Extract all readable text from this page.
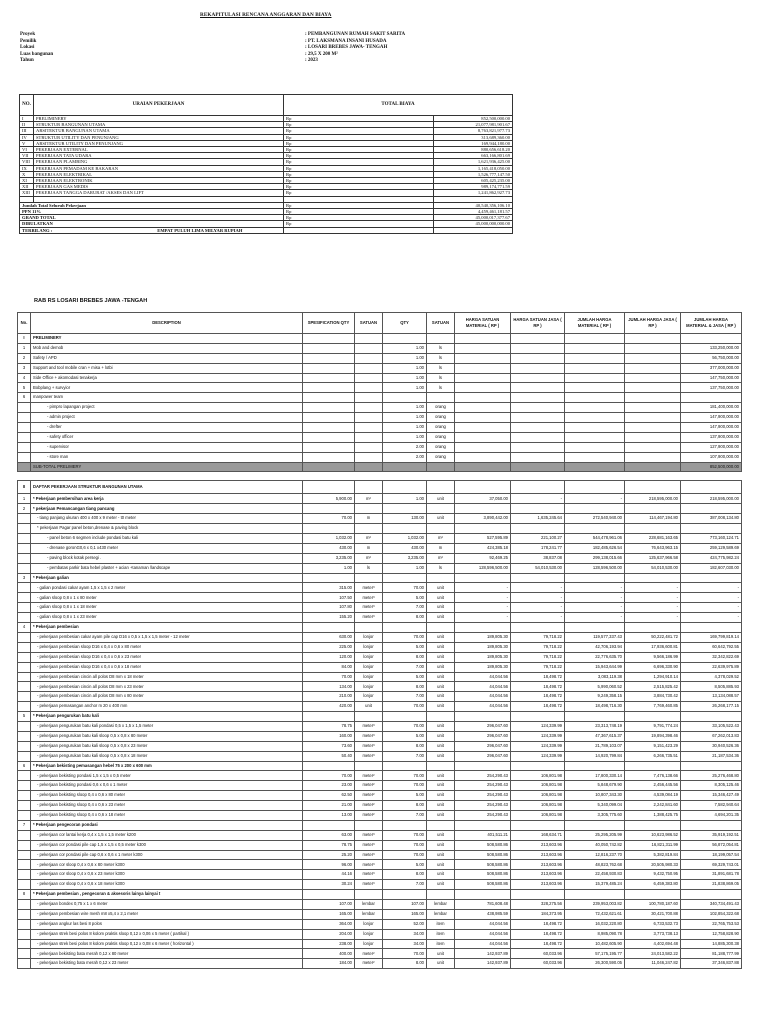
REKAPITULASI RENCANA ANGGARAN DAN BIAYA
Proyek	: PEMBANGUNAN RUMAH SAKIT SARITA
Pemilik	: PT. LAKSMANA INSANI HUSADA
Lokasi	: LOSARI BREBES JAWA- TENGAH
Luas bangunan	: 29,5 X 200 M²
Tahun	: 2023
NO.	URAIAN PEKERJAAN	TOTAL BIAYA	
I	PRELIMINERY	Rp	852,500,000.00
II	STRUKTUR BANGUNAN UTAMA	Rp	21,077,981,901.67
III	ARSITEKTUR BANGUNAN UTAMA	Rp	8,763,821,977.73
IV	STRUKTUR UTILITY DAN PENUNJANG	Rp	313,689,360.00
V	ARSITEKTUR UTILITY DAN PENUNJANG	Rp	169,944,180.00
VI	PEKERJAAN EXTERNAL	Rp	880,656,618.20
VII	PEKERJAAN TATA UDARA	Rp	663,166,801.69
VIII	PEKERJAAN PLAMBING	Rp	1,621,936,425.00
IX	PEKERJAAN PEMADAM KE BAKARAN	Rp	1,165,418,050.00
X	PEKERJAAN ELEKTRIKAL	Rp	1,526,777,147.50
XI	PEKERJAAN ELEKTRONIK	Rp	605,425,235.00
XII	PEKERJAAN GAS MEDIS	Rp	989,174,771.59
XIII	PEKERJAAN TANGGA DARURAT /AKSES DAN LIFT	Rp	1,241,862,927.73

Jumlah Total Seluruh Pekerjaan		Rp	40,540,356,106.10
PPN 11%		Rp	4,459,461,181.57
GRAND TOTAL		Rp	45,000,017,377.67
DIBULATKAN		Rp	45,000,000,000.00
TERBILANG : EMPAT PULUH LIMA MILYAR RUPIAH			
RAB RS LOSARI BREBES JAWA -TENGAH
No.	DESCRIPTION	SPESIFICATION QTY	SATUAN	QTY	SATUAN	HARGA SATUAN MATERIAL ( RP )	HARGA SATUAN JASA ( RP )	JUMLAH HARGA MATERIAL ( RP )	JUMLAH HARGA JASA ( RP )	JUMLAH HARGA MATERIAL & JASA ( RP )
I	PRELIMINERY									
1	Mob and demob			1.00	ls					133,250,000.00
2	Safety / APD			1.00	ls					56,750,000.00
3	Support and tool mobile cran + misa + lotbi			1.00	ls					377,000,000.00
4	Side Office + akomodasi tenakerja			1.00	ls					147,750,000.00
5	Bobplang + survyior			1.00	ls					137,750,000.00
6	manpower team									
	- pimpro lapangan project			1.00	orang					181,400,000.00
	- admin project			1.00	orang					147,900,000.00
	- drefter			1.00	orang					147,900,000.00
	- safety officer			1.00	orang					137,900,000.00
	- supervisor			2.00	orang					127,900,000.00
	- store man			2.00	orang					107,900,000.00
	SUB-TOTAL PRELIMERY									852,500,000.00

II	DAFTAR PEKERJAAN STRUKTUR BANGUNAN UTAMA									
1	* Pekerjaan pembersihan area kerja	5,900.00	m²	1.00	unit	37,050.00	-	-	218,595,000.00	218,595,000.00
2	* pekerjaan Pemancangan tiang pancang									
	- tiang panjang ukuran 400 x 400 x 9 meter - t0 meter	70.00	m	130.00	unit	3,890,442.00	1,635,245.64	272,540,940.00	114,467,194.80	387,008,134.80
	* pekerjaan Pagar panel beton,drenase & paving block									
	- panel beton 6 segmen include pondasi batu kali	1,032.00	m²	1,032.00	m²	527,595.89	221,100.27	544,478,961.06	228,681,163.65	773,160,124.71
	- drenase goronG0,6 x 0,1 x430 meter	430.00	m	430.00	m	424,385.18	178,241.77	182,485,626.54	76,643,963.15	259,129,589.69
	- paving block kotak persegi .	3,235.00	m²	3,235.00	m²	92,469.25	38,837.08	299,138,015.66	125,637,966.58	424,775,982.24
	- pembatas parkir bata hebel plaster + acian +tanaman /landscape	1.00	ls	1.00	ls	128,596,500.00	54,010,530.00	128,596,500.00	54,010,530.00	182,607,030.00
3	* Pekerjaan galian									
	- galian pondasi cakar ayam 1,5 x 1,5 x 2 meter	315.00	meter³	70.00	unit	-	-	-	-	-
	- galian sloop 0,8 x 1 x 80 meter	107.50	meter³	5.00	unit	-	-	-	-	-
	- galian sloop 0,8 x 1 x 18 meter	107.80	meter³	7.00	unit	-	-	-	-	-
	- galian sloop 0,8 x 1 x 23 meter	155.20	meter³	8.00	unit	-	-	-	-	-
4	* Pekerjaan pembesian									
	- pekerjaan pembesian cakar ayam pile cap D16 x 0,5 x 1,5 x 1,5 meter - 12 meter	630.00	lonjor	70.00	unit	189,805.30	79,718.22	119,577,337.43	50,222,481.72	169,799,819.14
	- pekerjaan pembesian sloop D16 x 0,4 x 0,6 x 80 meter	225.00	lonjor	5.00	unit	189,805.30	79,718.22	42,706,193.94	17,936,600.81	60,642,792.55
	- pekerjaan pembesian sloop D16 x 0,4 x 0,6 x 23 meter	120.00	lonjor	8.00	unit	189,805.30	79,718.22	22,776,635.70	9,566,186.99	32,342,822.69
	- pekerjaan pembesian sloop D16 x 0,4 x 0,6 x 18 meter	84.00	lonjor	7.00	unit	189,805.30	79,718.22	15,943,644.99	6,696,330.90	22,639,975.89
	- pekerjaan pembesian cincin all polos D8 mm x 18 meter	70.00	lonjor	5.00	unit	44,044.56	18,498.72	3,083,119.38	1,294,910.14	4,378,029.52
	- pekerjaan pembesian cincin all polos D8 mm x 23 meter	134.00	lonjor	8.00	unit	44,044.56	18,498.72	5,990,060.52	2,515,825.42	8,505,885.93
	- pekerjaan pembesian cincin all polos D8 mm x 80 meter	210.00	lonjor	7.00	unit	44,044.56	18,498.72	9,249,358.15	3,884,730.42	13,134,088.57
	- pekerjaan pemasangan anchor m 20 x 400 mm	420.00	unit	70.00	unit	44,044.56	18,498.72	18,498,716.30	7,769,460.85	26,268,177.15
5	* Pekerjaan pengurukan batu kali									
	- pekerjaan pengurukan batu kali pondasi 0,5 x 1,5 x 1,5 meter	78.75	meter³	70.00	unit	296,047.60	124,339.99	23,313,748.19	9,791,774.24	33,105,522.43
	- pekerjaan pengurukan batu kali sloop 0,5 x 0,8 x 80 meter	160.00	meter³	5.00	unit	296,047.60	124,339.99	47,367,615.37	19,894,398.46	67,262,013.83
	- pekerjaan pengurukan batu kali sloop 0,5 x 0,8 x 23 meter	73.60	meter³	8.00	unit	296,047.60	124,339.99	21,789,103.07	9,151,423.29	30,940,526.36
	- pekerjaan pengurukan batu kali sloop 0,5 x 0,8 x 18 meter	50.40	meter³	7.00	unit	296,047.60	124,339.99	14,920,799.84	6,266,735.51	21,187,534.36
6	* Pekerjaan bekisting pemasangan hebel 75 x 200 x 600 mm									
	- pekerjaan bekisting pondasi 1,5 x 1,5 x 0,5 meter	70.00	meter²	70.00	unit	254,290.43	106,801.98	17,800,330.14	7,476,138.66	25,276,468.80
	- pekerjaan bekisting pondasi 0,6 x 0,6 x 1 meter	23.00	meter²	70.00	unit	254,290.43	106,801.98	5,848,679.90	2,456,445.56	8,305,125.46
	- pekerjaan bekisting sloop 0,4 x 0,6 x 80 meter	62.50	meter²	5.00	unit	254,290.43	106,801.98	10,807,343.30	4,539,084.19	15,346,427.49
	- pekerjaan bekisting sloop 0,4 x 0,6 x 23 meter	21.00	meter²	8.00	unit	254,290.43	106,801.98	5,340,099.04	2,242,841.60	7,582,940.64
	- pekerjaan bekisting sloop 0,4 x 0,6 x 18 meter	13.00	meter²	7.00	unit	254,290.43	106,801.98	3,305,775.60	1,388,425.75	4,694,201.35
7	* Pekerjaan pengecoran pondasi									
	- pekerjaan cor lantai kerja 0,4 x 1,5 x 1,5 meter k200	63.00	meter³	70.00	unit	401,511.21	168,634.71	25,295,205.99	10,623,986.52	35,919,192.51
	- pekerjaan cor pondasi pile cap 1,5 x 1,5 x 0,5 meter k300	78.75	meter³	70.00	unit	508,580.86	213,603.96	40,050,742.82	16,821,311.99	56,872,054.81
	- pekerjaan cor pondasi pile cap 0,6 x 0,6 x 1 meter k300	25.20	meter³	70.00	unit	508,580.86	213,603.96	12,816,237.70	5,382,819.84	18,199,057.54
	- pekerjaan cor sloop 0,4 x 0,6 x 80 meter k300	96.00	meter³	5.00	unit	508,580.86	213,603.96	48,823,762.68	20,505,980.33	69,329,743.01
	- pekerjaan cor sloop 0,4 x 0,6 x 23 meter k300	44.16	meter³	8.00	unit	508,580.86	213,603.96	22,458,930.83	9,432,750.95	31,891,681.78
	- pekerjaan cor sloop 0,4 x 0,6 x 18 meter k300	30.24	meter³	7.00	unit	508,580.86	213,603.96	15,379,485.24	6,459,383.80	21,838,869.05
8	* Pekerjaan pembesian , pengecoran & aksesoris lainya lainyai t									
	- pekerjaan bondex 0,75 x 1 x 6 meter	107.00	lembar	107.00	lembar	781,608.48	328,275.56	239,953,003.82	100,780,187.60	340,734,491.43
	- pekerjaan pembesian wire mesh m8 x5,4 x 2,1 meter	165.00	lembar	165.00	lembar	438,985.59	184,373.95	72,432,621.61	30,421,700.88	102,854,322.68
	- pekerjaan angkur las besi 8 polos	364.00	lonjor	52.00	item	44,044.56	18,498.72	16,032,220.80	6,733,532.73	22,765,753.53
	- pekerjaan strek besi polos 8 kolom praktis sloop 0,12 x 0,06 x 5 meter ( partikal )	204.00	lonjor	34.00	item	44,044.56	18,498.72	8,985,090.78	3,773,738.13	12,758,828.90
	- pekerjaan strek besi polos 8 kolom praktis sloop 0,12 x 0,08 x 6 meter ( horizontal )	238.00	lonjor	34.00	item	44,044.56	18,498.72	10,482,605.90	4,402,694.48	14,885,300.38
	- pekerjaan bekisting bata merah 0,12 x 80 meter	400.00	meter²	70.00	unit	142,937.89	60,033.96	57,175,195.77	24,013,582.22	81,188,777.99
	- pekerjaan bekisting bata merah 0,12 x 23 meter	184.00	meter²	8.00	unit	142,937.89	60,033.96	26,300,590.05	11,046,247.82	37,346,837.88
